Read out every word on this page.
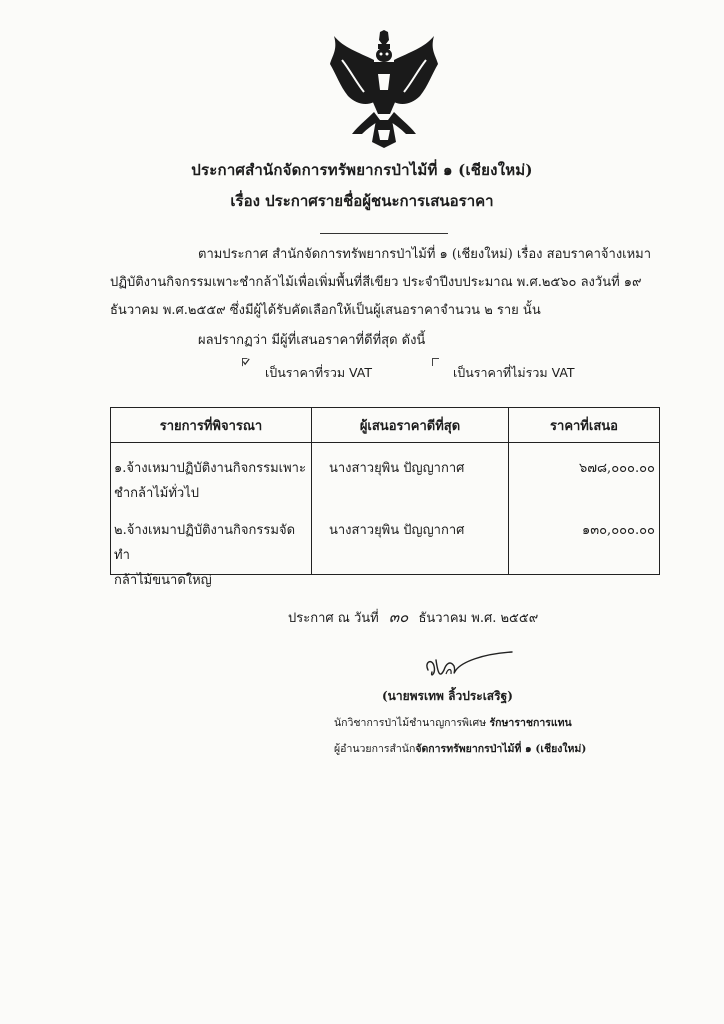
ประกาศสำนักจัดการทรัพยากรป่าไม้ที่ ๑ (เชียงใหม่)
เรื่อง ประกาศรายชื่อผู้ชนะการเสนอราคา
ตามประกาศ สำนักจัดการทรัพยากรป่าไม้ที่ ๑ (เชียงใหม่) เรื่อง สอบราคาจ้างเหมา
ปฏิบัติงานกิจกรรมเพาะชำกล้าไม้เพื่อเพิ่มพื้นที่สีเขียว ประจำปีงบประมาณ พ.ศ.๒๕๖๐ ลงวันที่ ๑๙
ธันวาคม พ.ศ.๒๕๕๙ ซึ่งมีผู้ได้รับคัดเลือกให้เป็นผู้เสนอราคาจำนวน ๒ ราย นั้น
ผลปรากฏว่า มีผู้ที่เสนอราคาที่ดีที่สุด ดังนี้
เป็นราคาที่รวม VAT	เป็นราคาที่ไม่รวม VAT
รายการที่พิจารณา	ผู้เสนอราคาดีที่สุด	ราคาที่เสนอ

๑.จ้างเหมาปฏิบัติงานกิจกรรมเพาะ
ชำกล้าไม้ทั่วไป	นางสาวยุพิน ปัญญากาศ	๖๗๘,๐๐๐.๐๐

๒.จ้างเหมาปฏิบัติงานกิจกรรมจัดทำ
กล้าไม้ขนาดใหญ่	นางสาวยุพิน ปัญญากาศ	๑๓๐,๐๐๐.๐๐
ประกาศ ณ วันที่ ๓๐ ธันวาคม พ.ศ. ๒๕๕๙
(นายพรเทพ ลิ้วประเสริฐ)
นักวิชาการป่าไม้ชำนาญการพิเศษ รักษาราชการแทน
ผู้อำนวยการสำนักจัดการทรัพยากรป่าไม้ที่ ๑ (เชียงใหม่)
